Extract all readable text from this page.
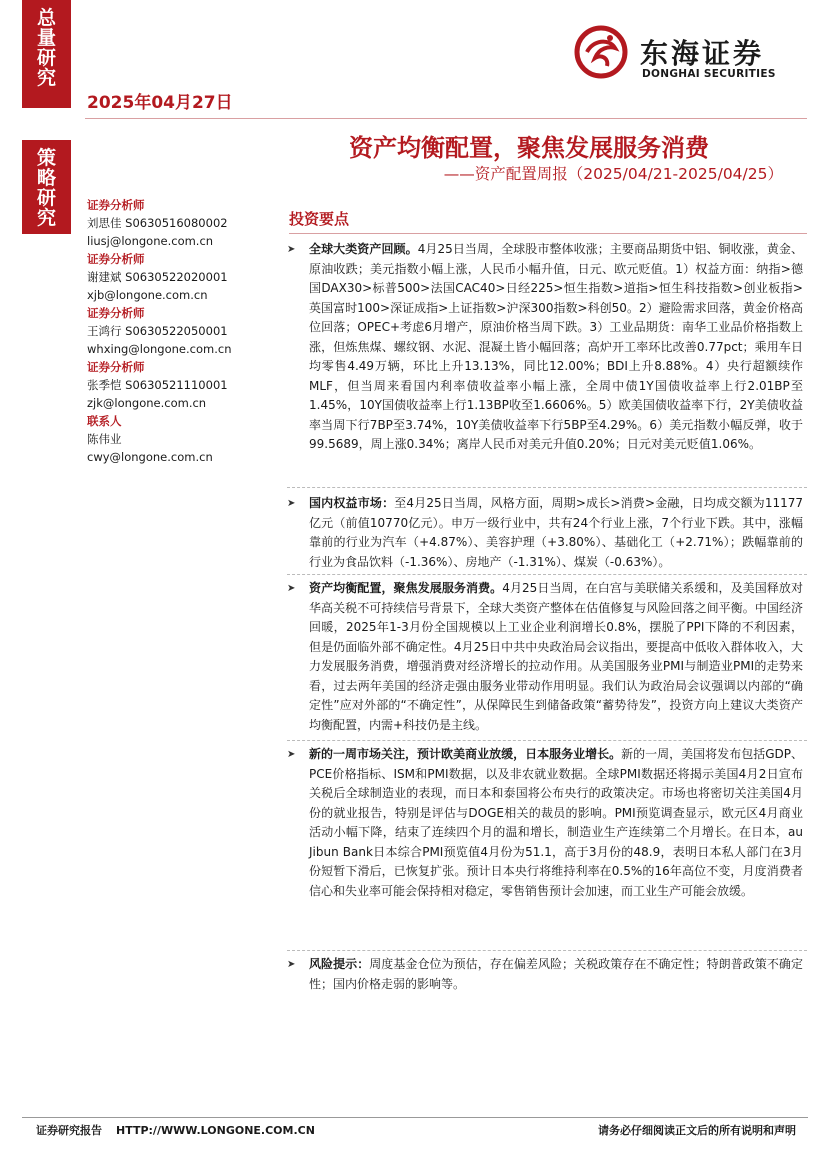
总量研究
策略研究
2025年04月27日
东海证券
DONGHAI SECURITIES
资产均衡配置，聚焦发展服务消费
——资产配置周报（2025/04/21-2025/04/25）
证券分析师
刘思佳 S0630516080002
liusj@longone.com.cn
证券分析师
谢建斌 S0630522020001
xjb@longone.com.cn
证券分析师
王鸿行 S0630522050001
whxing@longone.com.cn
证券分析师
张季恺 S0630521110001
zjk@longone.com.cn
联系人
陈伟业
cwy@longone.com.cn
投资要点
➤ 全球大类资产回顾。4月25日当周，全球股市整体收涨；主要商品期货中铝、铜收涨，黄金、原油收跌；美元指数小幅上涨，人民币小幅升值，日元、欧元贬值。1）权益方面：纳指>德国DAX30>标普500>法国CAC40>日经225>恒生指数>道指>恒生科技指数>创业板指>英国富时100>深证成指>上证指数>沪深300指数>科创50。2）避险需求回落，黄金价格高位回落；OPEC+考虑6月增产，原油价格当周下跌。3）工业品期货：南华工业品价格指数上涨，但炼焦煤、螺纹钢、水泥、混凝土皆小幅回落；高炉开工率环比改善0.77pct；乘用车日均零售4.49万辆，环比上升13.13%，同比12.00%；BDI上升8.88%。4）央行超额续作MLF，但当周来看国内利率债收益率小幅上涨，全周中债1Y国债收益率上行2.01BP至1.45%，10Y国债收益率上行1.13BP收至1.6606%。5）欧美国债收益率下行，2Y美债收益率当周下行7BP至3.74%，10Y美债收益率下行5BP至4.29%。6）美元指数小幅反弹，收于99.5689，周上涨0.34%；离岸人民币对美元升值0.20%；日元对美元贬值1.06%。
➤ 国内权益市场：至4月25日当周，风格方面，周期>成长>消费>金融，日均成交额为11177亿元（前值10770亿元）。申万一级行业中，共有24个行业上涨，7个行业下跌。其中，涨幅靠前的行业为汽车（+4.87%）、美容护理（+3.80%）、基础化工（+2.71%）；跌幅靠前的行业为食品饮料（-1.36%）、房地产（-1.31%）、煤炭（-0.63%）。
➤ 资产均衡配置，聚焦发展服务消费。4月25日当周，在白宫与美联储关系缓和，及美国释放对华高关税不可持续信号背景下，全球大类资产整体在估值修复与风险回落之间平衡。中国经济回暖，2025年1-3月份全国规模以上工业企业利润增长0.8%，摆脱了PPI下降的不利因素，但是仍面临外部不确定性。4月25日中共中央政治局会议指出，要提高中低收入群体收入，大力发展服务消费，增强消费对经济增长的拉动作用。从美国服务业PMI与制造业PMI的走势来看，过去两年美国的经济走强由服务业带动作用明显。我们认为政治局会议强调以内部的“确定性”应对外部的“不确定性”，从保障民生到储备政策“蓄势待发”，投资方向上建议大类资产均衡配置，内需+科技仍是主线。
➤ 新的一周市场关注，预计欧美商业放缓，日本服务业增长。新的一周，美国将发布包括GDP、PCE价格指标、ISM和PMI数据，以及非农就业数据。全球PMI数据还将揭示美国4月2日宣布关税后全球制造业的表现，而日本和泰国将公布央行的政策决定。市场也将密切关注美国4月份的就业报告，特别是评估与DOGE相关的裁员的影响。PMI预览调查显示，欧元区4月商业活动小幅下降，结束了连续四个月的温和增长，制造业生产连续第二个月增长。在日本，au Jibun Bank日本综合PMI预览值4月份为51.1，高于3月份的48.9，表明日本私人部门在3月份短暂下滑后，已恢复扩张。预计日本央行将维持利率在0.5%的16年高位不变，月度消费者信心和失业率可能会保持相对稳定，零售销售预计会加速，而工业生产可能会放缓。
➤ 风险提示：周度基金仓位为预估，存在偏差风险；关税政策存在不确定性；特朗普政策不确定性；国内价格走弱的影响等。
证券研究报告 HTTP://WWW.LONGONE.COM.CN	请务必仔细阅读正文后的所有说明和声明
